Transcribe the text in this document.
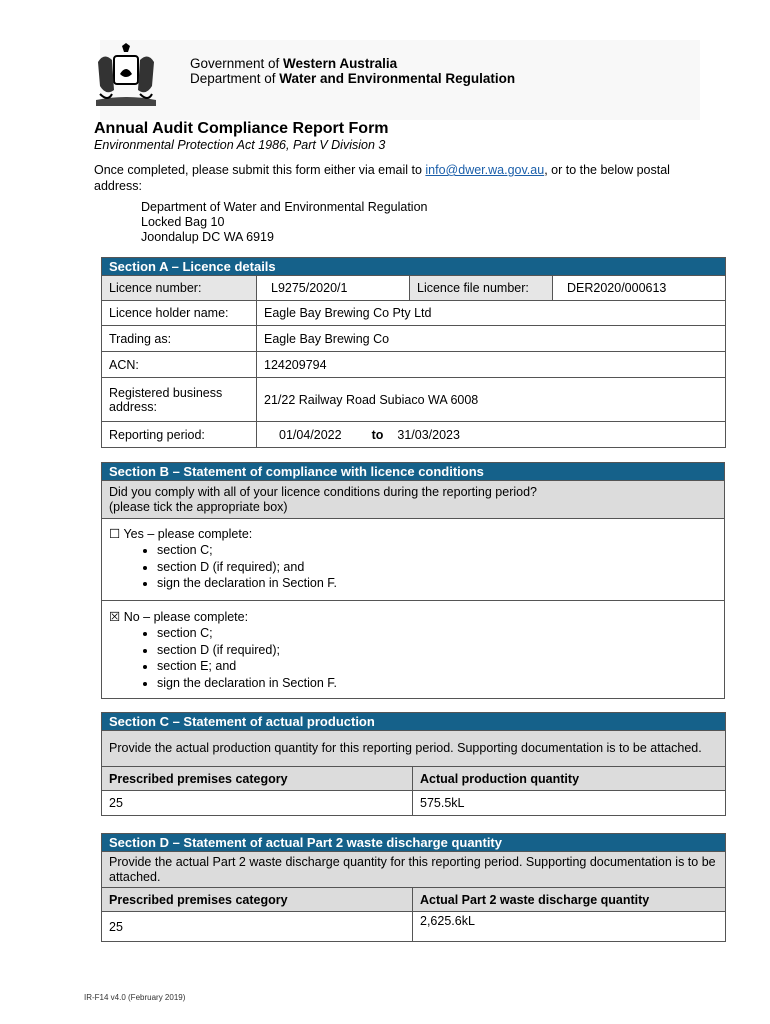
Government of Western Australia
Department of Water and Environmental Regulation
Annual Audit Compliance Report Form
Environmental Protection Act 1986, Part V Division 3
Once completed, please submit this form either via email to info@dwer.wa.gov.au, or to the below postal address:
Department of Water and Environmental Regulation
Locked Bag 10
Joondalup DC WA 6919
Section A – Licence details			
Licence number:	L9275/2020/1	Licence file number:	DER2020/000613
Licence holder name:	Eagle Bay Brewing Co Pty Ltd		
Trading as:	Eagle Bay Brewing Co		
ACN:	124209794		
Registered business address:	21/22 Railway Road Subiaco WA 6008		
Reporting period:	01/04/2022 to 31/03/2023		
Section B – Statement of compliance with licence conditions

Did you comply with all of your licence conditions during the reporting period?
(please tick the appropriate box)

☐ Yes – please complete:
• section C;
• section D (if required); and
• sign the declaration in Section F.

☒ No – please complete:
• section C;
• section D (if required);
• section E; and
• sign the declaration in Section F.
Section C – Statement of actual production	
Provide the actual production quantity for this reporting period. Supporting documentation is to be attached.	
Prescribed premises category	Actual production quantity
25	575.5kL
Section D – Statement of actual Part 2 waste discharge quantity	
Provide the actual Part 2 waste discharge quantity for this reporting period. Supporting documentation is to be attached.	
Prescribed premises category	Actual Part 2 waste discharge quantity
25	2,625.6kL
IR-F14 v4.0 (February 2019)
